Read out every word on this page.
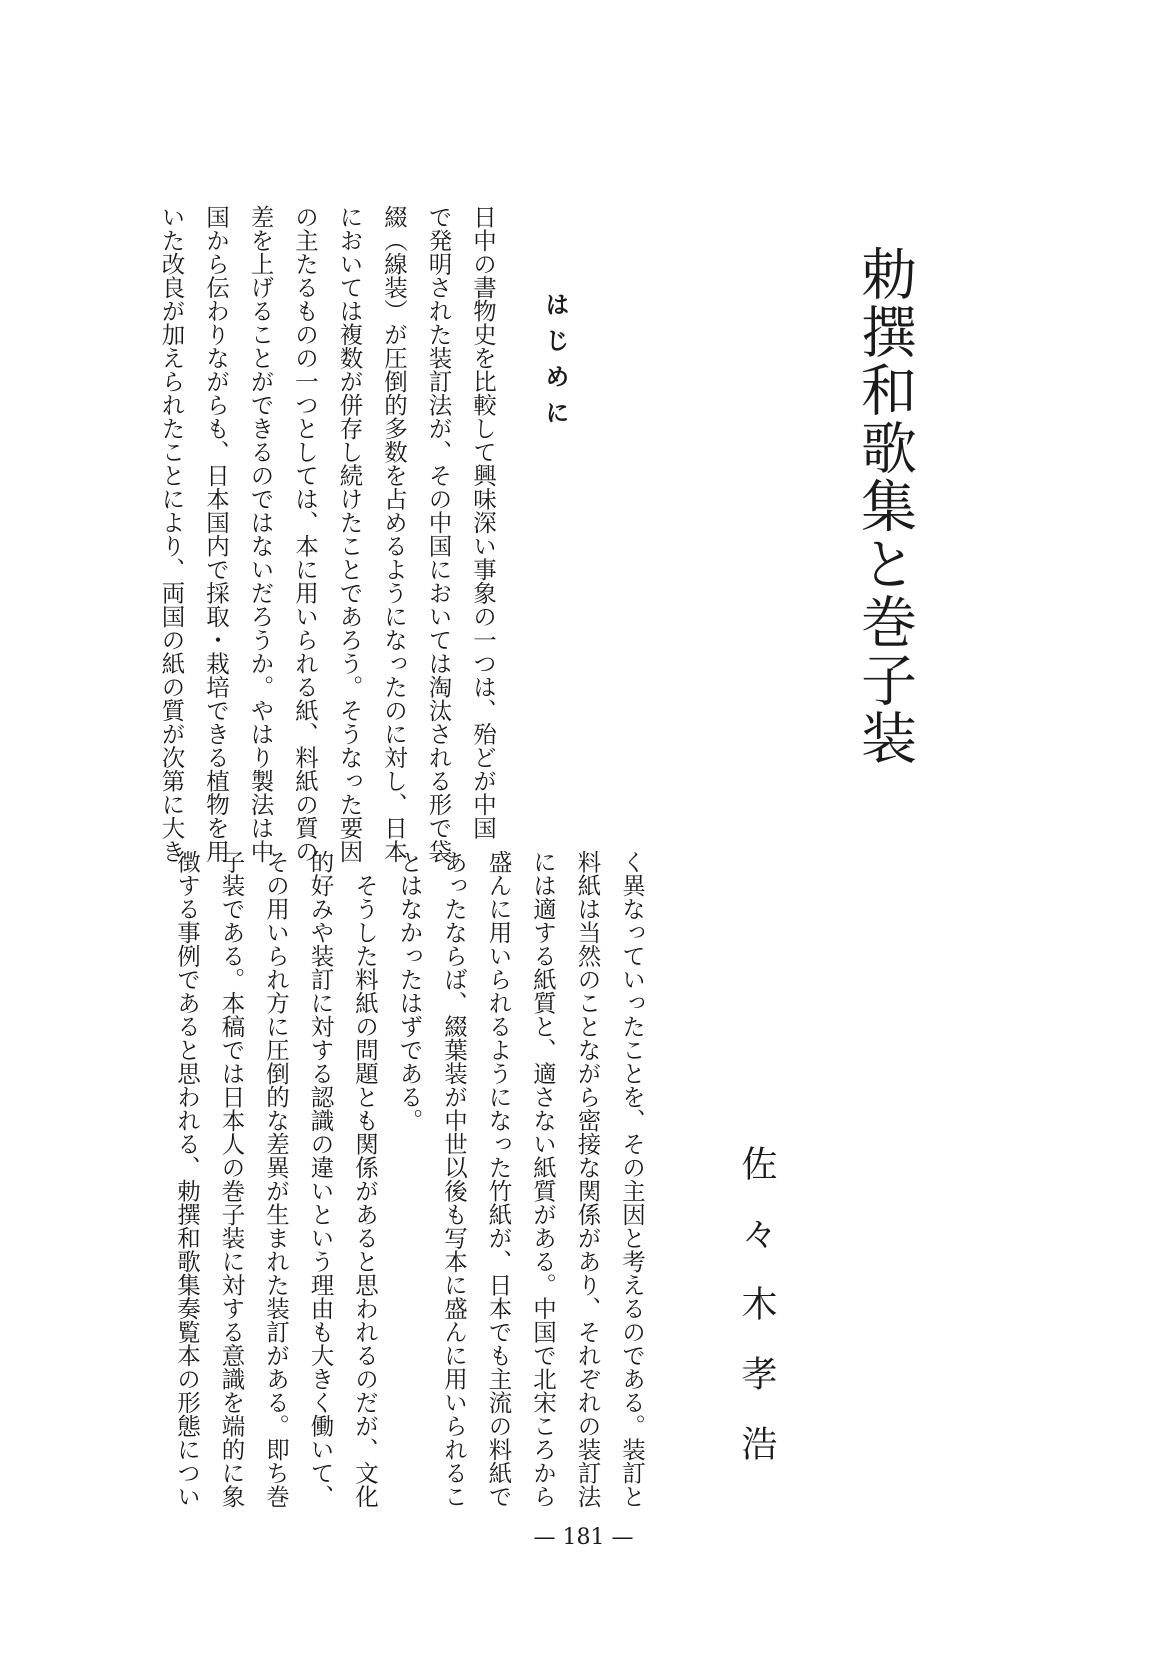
勅撰和歌集と巻子装
佐々木孝浩
はじめに
日中の書物史を比較して興味深い事象の一つは、殆どが中国
で発明された装訂法が、その中国においては淘汰される形で袋
綴（線装）が圧倒的多数を占めるようになったのに対し、日本
においては複数が併存し続けたことであろう。そうなった要因
の主たるものの一つとしては、本に用いられる紙、料紙の質の
差を上げることができるのではないだろうか。やはり製法は中
国から伝わりながらも、日本国内で採取・栽培できる植物を用
いた改良が加えられたことにより、両国の紙の質が次第に大き
く異なっていったことを、その主因と考えるのである。装訂と
料紙は当然のことながら密接な関係があり、それぞれの装訂法
には適する紙質と、適さない紙質がある。中国で北宋ころから
盛んに用いられるようになった竹紙が、日本でも主流の料紙で
あったならば、綴葉装が中世以後も写本に盛んに用いられるこ
とはなかったはずである。
　そうした料紙の問題とも関係があると思われるのだが、文化
的好みや装訂に対する認識の違いという理由も大きく働いて、
その用いられ方に圧倒的な差異が生まれた装訂がある。即ち巻
子装である。本稿では日本人の巻子装に対する意識を端的に象
徴する事例であると思われる、勅撰和歌集奏覧本の形態につい
— 181 —
